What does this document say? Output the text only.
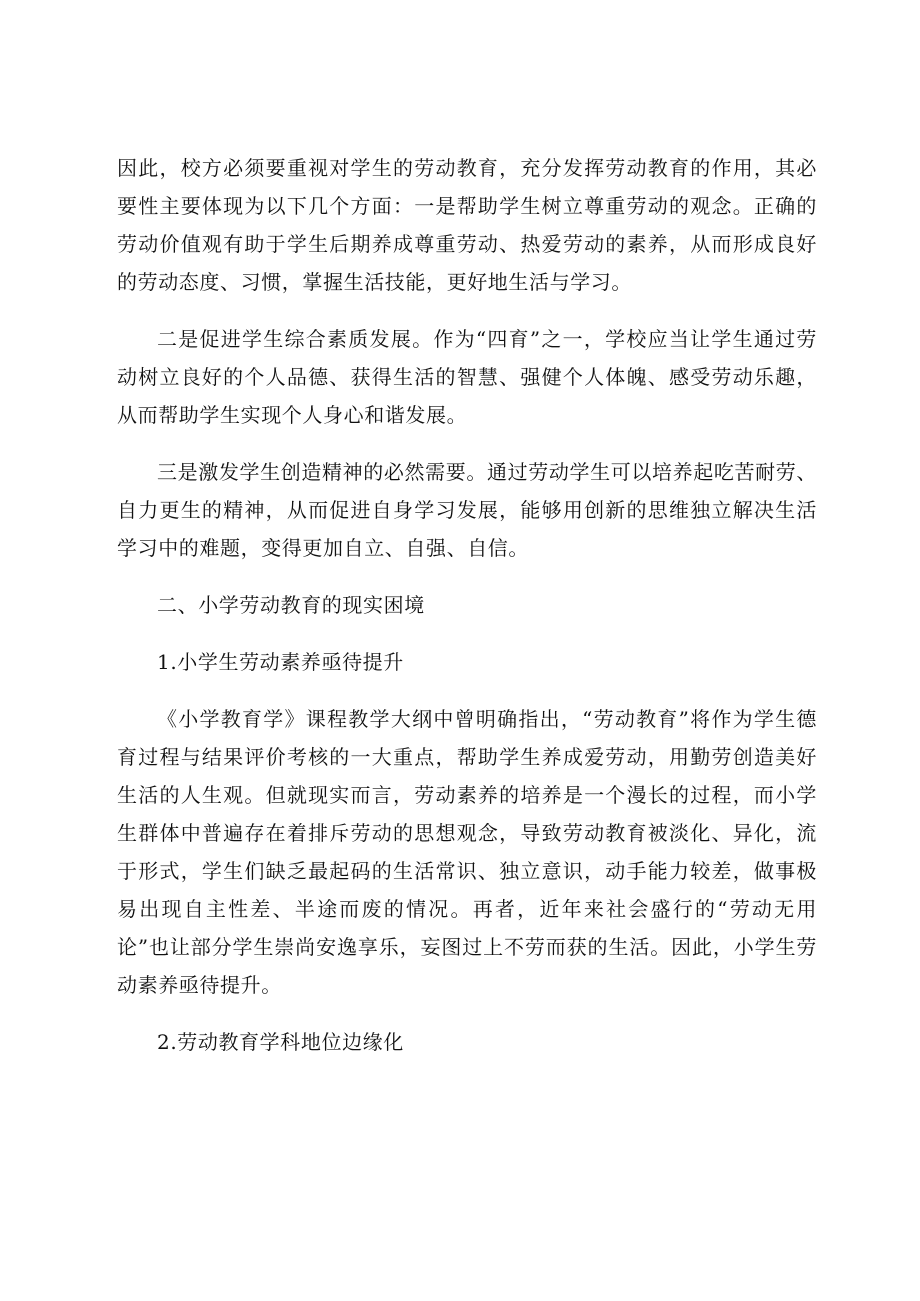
因此，校方必须要重视对学生的劳动教育，充分发挥劳动教育的作用，其必要性主要体现为以下几个方面：一是帮助学生树立尊重劳动的观念。正确的劳动价值观有助于学生后期养成尊重劳动、热爱劳动的素养，从而形成良好的劳动态度、习惯，掌握生活技能，更好地生活与学习。

二是促进学生综合素质发展。作为“四育”之一，学校应当让学生通过劳动树立良好的个人品德、获得生活的智慧、强健个人体魄、感受劳动乐趣，从而帮助学生实现个人身心和谐发展。

三是激发学生创造精神的必然需要。通过劳动学生可以培养起吃苦耐劳、自力更生的精神，从而促进自身学习发展，能够用创新的思维独立解决生活学习中的难题，变得更加自立、自强、自信。

二、小学劳动教育的现实困境

1.小学生劳动素养亟待提升

《小学教育学》课程教学大纲中曾明确指出，“劳动教育”将作为学生德育过程与结果评价考核的一大重点，帮助学生养成爱劳动，用勤劳创造美好生活的人生观。但就现实而言，劳动素养的培养是一个漫长的过程，而小学生群体中普遍存在着排斥劳动的思想观念，导致劳动教育被淡化、异化，流于形式，学生们缺乏最起码的生活常识、独立意识，动手能力较差，做事极易出现自主性差、半途而废的情况。再者，近年来社会盛行的“劳动无用论”也让部分学生崇尚安逸享乐，妄图过上不劳而获的生活。因此，小学生劳动素养亟待提升。

2.劳动教育学科地位边缘化
